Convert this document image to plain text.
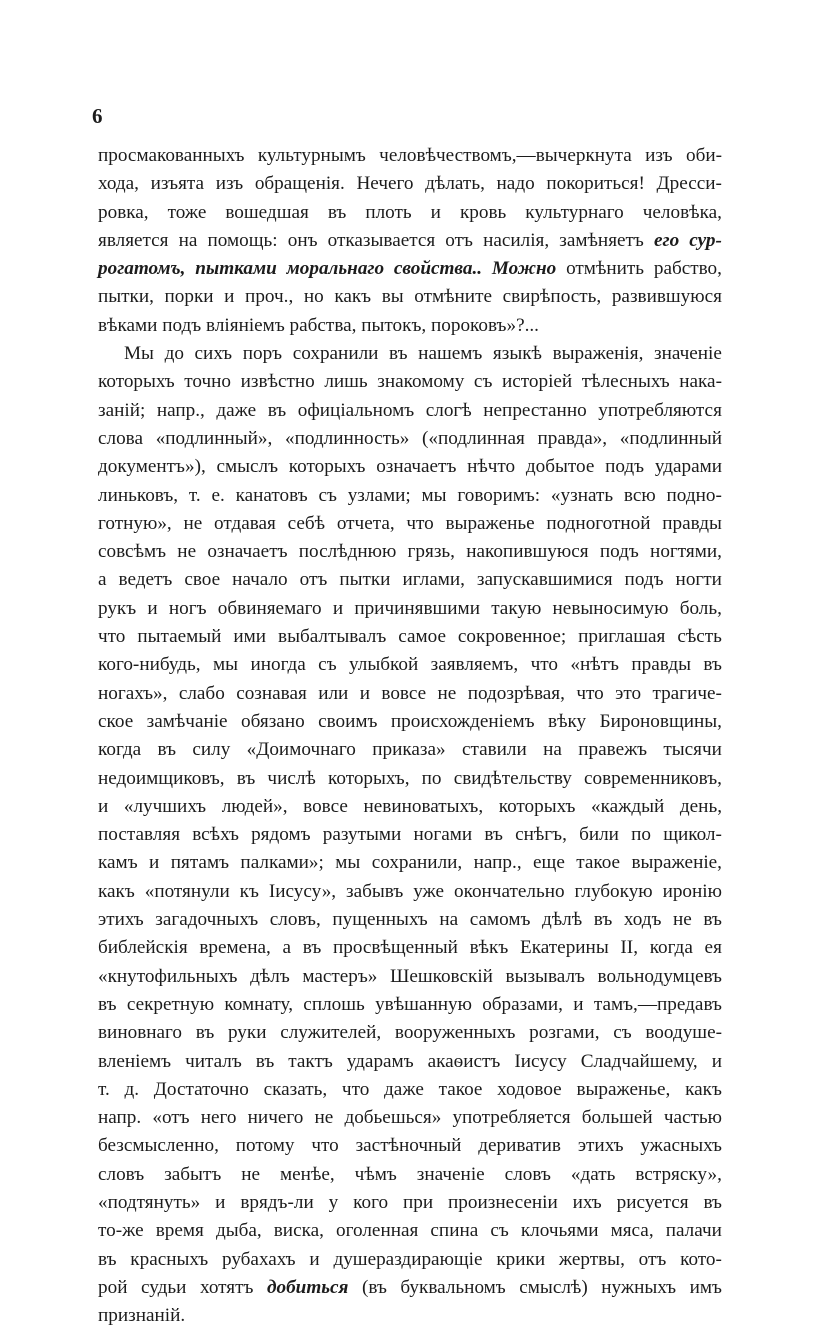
6
просмакованныхъ культурнымъ человѣчествомъ,—вычеркнута изъ оби-
хода, изъята изъ обращенія. Нечего дѣлать, надо покориться! Дресси-
ровка, тоже вошедшая въ плоть и кровь культурнаго человѣка,
является на помощь: онъ отказывается отъ насилія, замѣняетъ его сур-
рогатомъ, пытками моральнаго свойства.. Можно отмѣнить рабство,
пытки, порки и проч., но какъ вы отмѣните свирѣпость, развившуюся
вѣками
подъ
вліяніемъ
рабства,
пытокъ,
пороковъ»?...
Мы до сихъ поръ сохранили въ нашемъ языкѣ выраженія, значеніе
которыхъ точно извѣстно лишь знакомому съ исторіей тѣлесныхъ нака-
заній; напр., даже въ офиціальномъ слогѣ непрестанно употребляются
слова «подлинный», «подлинность» («подлинная правда», «подлинный
документъ»), смыслъ которыхъ означаетъ нѣчто добытое подъ ударами
линьковъ, т. е. канатовъ съ узлами; мы говоримъ: «узнать всю подно-
готную», не отдавая себѣ отчета, что выраженье подноготной правды
совсѣмъ не означаетъ послѣднюю грязь, накопившуюся подъ ногтями,
а ведетъ свое начало отъ пытки иглами, запускавшимися подъ ногти
рукъ и ногъ обвиняемаго и причинявшими такую невыносимую боль,
что пытаемый ими выбалтывалъ самое сокровенное; приглашая сѣсть
кого-нибудь, мы иногда съ улыбкой заявляемъ, что «нѣтъ правды въ
ногахъ», слабо сознавая или и вовсе не подозрѣвая, что это трагиче-
ское замѣчаніе обязано своимъ происхожденіемъ вѣку Бироновщины,
когда въ силу «Доимочнаго приказа» ставили на правежъ тысячи
недоимщиковъ, въ числѣ которыхъ, по свидѣтельству современниковъ,
и «лучшихъ людей», вовсе невиноватыхъ, которыхъ «каждый день,
поставляя всѣхъ рядомъ разутыми ногами въ снѣгъ, били по щикол-
камъ и пятамъ палками»; мы сохранили, напр., еще такое выраженіе,
какъ «потянули къ Іисусу», забывъ уже окончательно глубокую иронію
этихъ загадочныхъ словъ, пущенныхъ на самомъ дѣлѣ въ ходъ не въ
библейскія времена, а въ просвѣщенный вѣкъ Екатерины II, когда ея
«кнутофильныхъ дѣлъ мастеръ» Шешковскій вызывалъ вольнодумцевъ
въ секретную комнату, сплошь увѣшанную образами, и тамъ,—предавъ
виновнаго въ руки служителей, вооруженныхъ розгами, съ воодуше-
вленіемъ читалъ въ тактъ ударамъ акаѳистъ Іисусу Сладчайшему, и
т. д. Достаточно сказать, что даже такое ходовое выраженье, какъ
напр. «отъ него ничего не добьешься» употребляется большей частью
безсмысленно, потому что застѣночный дериватив этихъ ужасныхъ
словъ забытъ не менѣе, чѣмъ значеніе словъ «дать встряску»,
«подтянуть» и врядъ-ли у кого при произнесеніи ихъ рисуется въ
то-же время дыба, виска, оголенная спина съ клочьями мяса, палачи
въ красныхъ рубахахъ и душераздирающіе крики жертвы, отъ кото-
рой судьи хотятъ добиться (въ буквальномъ смыслѣ) нужныхъ имъ
признаній.
